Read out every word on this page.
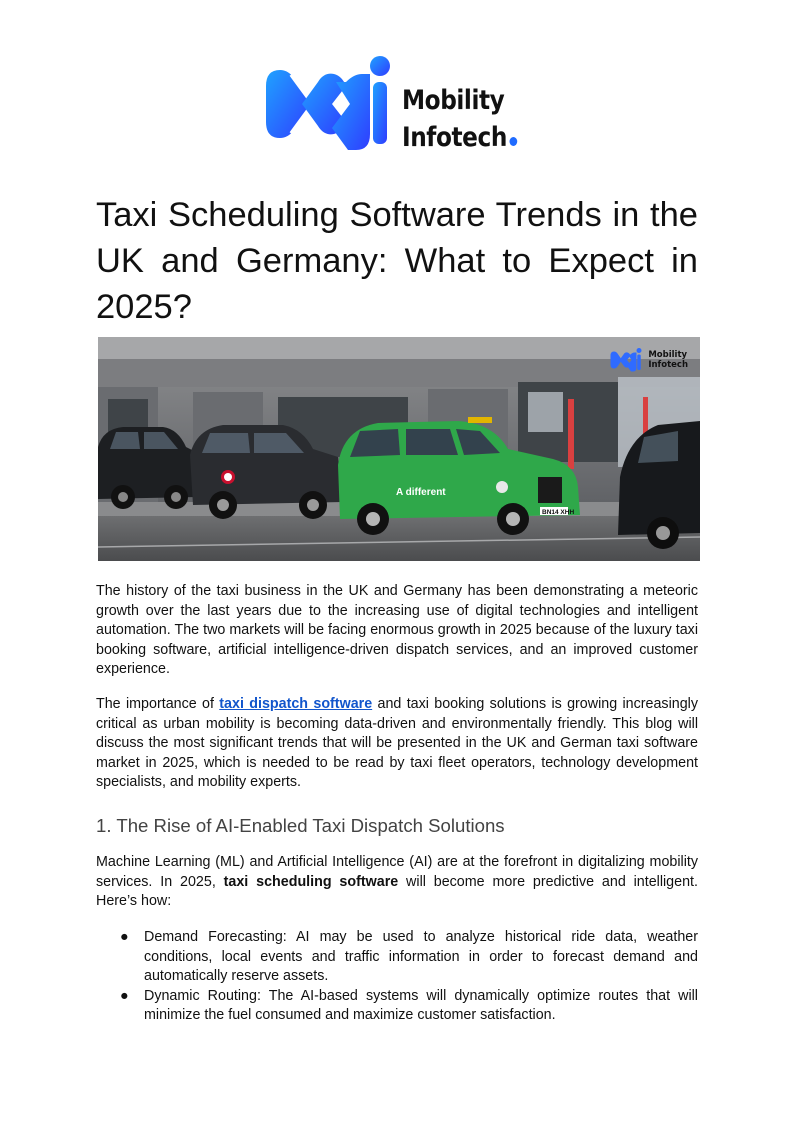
Mobility
Infotech
Taxi Scheduling Software Trends in the
UK and Germany: What to Expect in
2025?
BN14 ХНН
A different
Mobility
Infotech

The history of the taxi business in the UK and Germany has been demonstrating a meteoric growth over the last years due to the increasing use of digital technologies and intelligent automation. The two markets will be facing enormous growth in 2025 because of the luxury taxi booking software, artificial intelligence-driven dispatch services, and an improved customer experience.

The importance of taxi dispatch software and taxi booking solutions is growing increasingly critical as urban mobility is becoming data-driven and environmentally friendly. This blog will discuss the most significant trends that will be presented in the UK and German taxi software market in 2025, which is needed to be read by taxi fleet operators, technology development specialists, and mobility experts.

1. The Rise of AI-Enabled Taxi Dispatch Solutions

Machine Learning (ML) and Artificial Intelligence (AI) are at the forefront in digitalizing mobility services. In 2025, taxi scheduling software will become more predictive and intelligent. Here’s how:

● Demand Forecasting: AI may be used to analyze historical ride data, weather conditions, local events and traffic information in order to forecast demand and automatically reserve assets.
● Dynamic Routing: The AI-based systems will dynamically optimize routes that will minimize the fuel consumed and maximize customer satisfaction.
